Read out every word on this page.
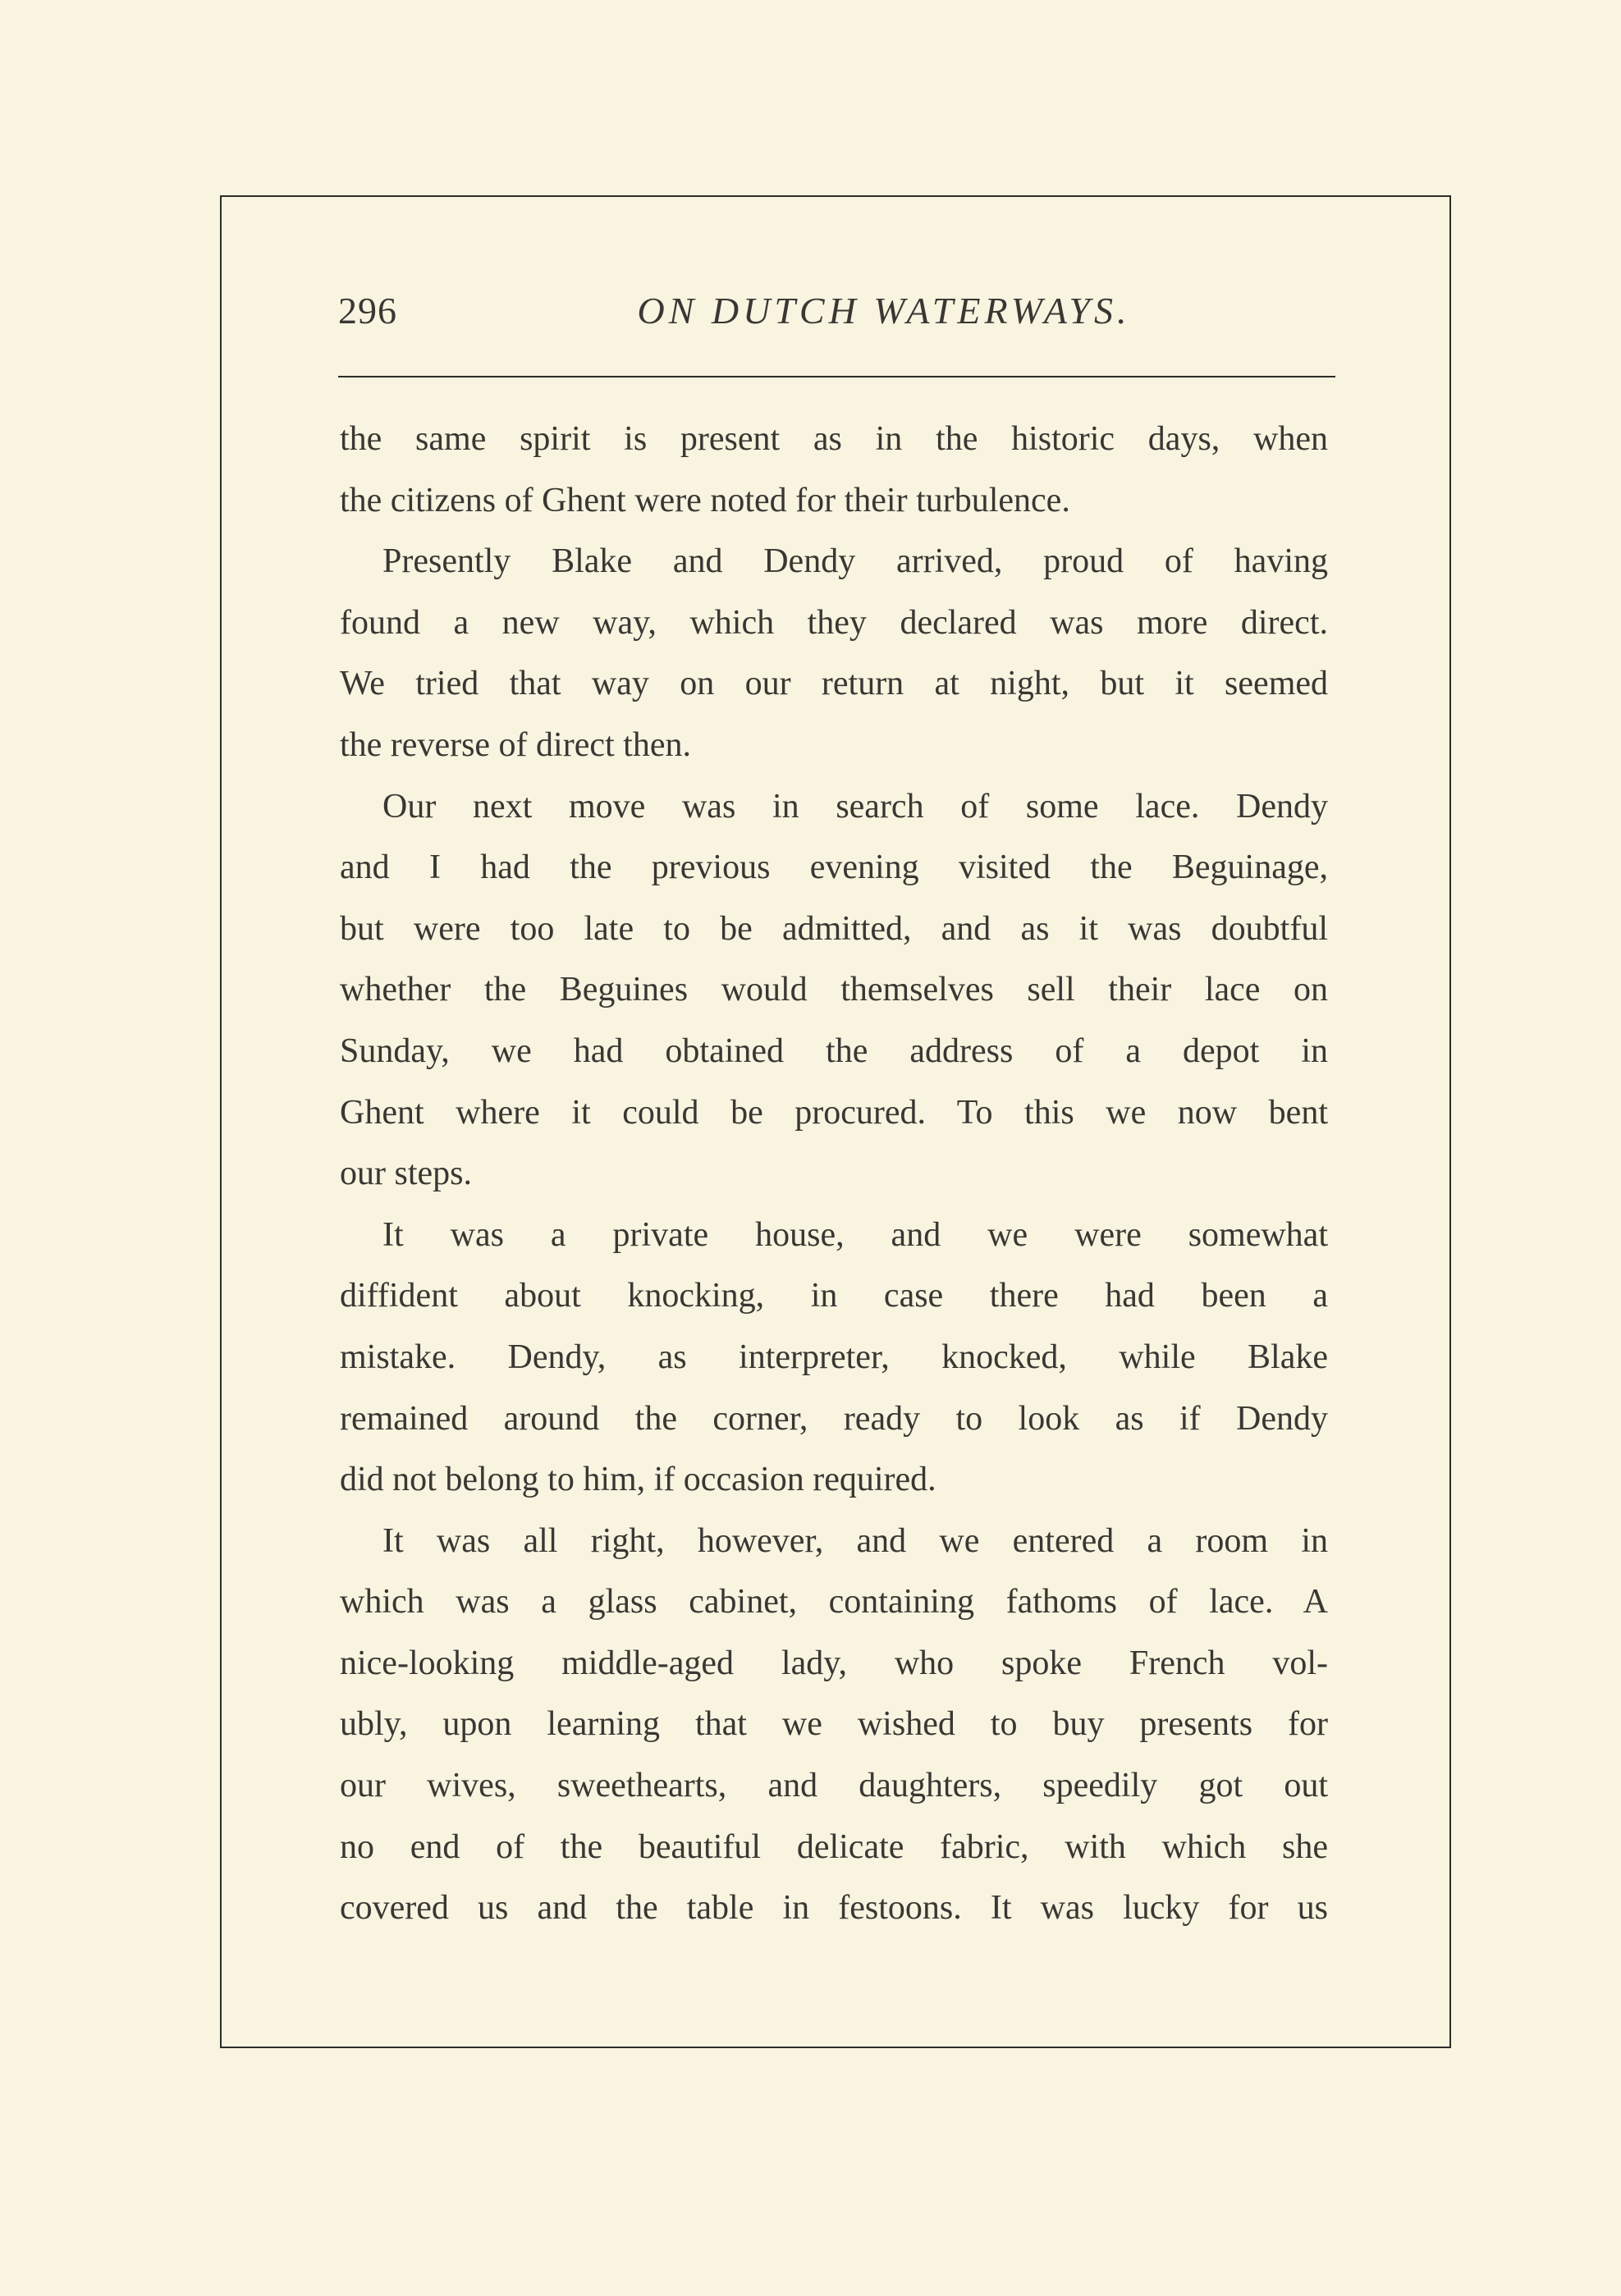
296	ON DUTCH WATERWAYS.
the same spirit is present as in the historic days, when
the citizens of Ghent were noted for their turbulence.
Presently Blake and Dendy arrived, proud of having
found a new way, which they declared was more direct.
We tried that way on our return at night, but it seemed
the reverse of direct then.
Our next move was in search of some lace. Dendy
and I had the previous evening visited the Beguinage,
but were too late to be admitted, and as it was doubtful
whether the Beguines would themselves sell their lace on
Sunday, we had obtained the address of a depot in
Ghent where it could be procured. To this we now bent
our steps.
It was a private house, and we were somewhat
diffident about knocking, in case there had been a
mistake. Dendy, as interpreter, knocked, while Blake
remained around the corner, ready to look as if Dendy
did not belong to him, if occasion required.
It was all right, however, and we entered a room in
which was a glass cabinet, containing fathoms of lace. A
nice-looking middle-aged lady, who spoke French vol-
ubly, upon learning that we wished to buy presents for
our wives, sweethearts, and daughters, speedily got out
no end of the beautiful delicate fabric, with which she
covered us and the table in festoons. It was lucky for us
